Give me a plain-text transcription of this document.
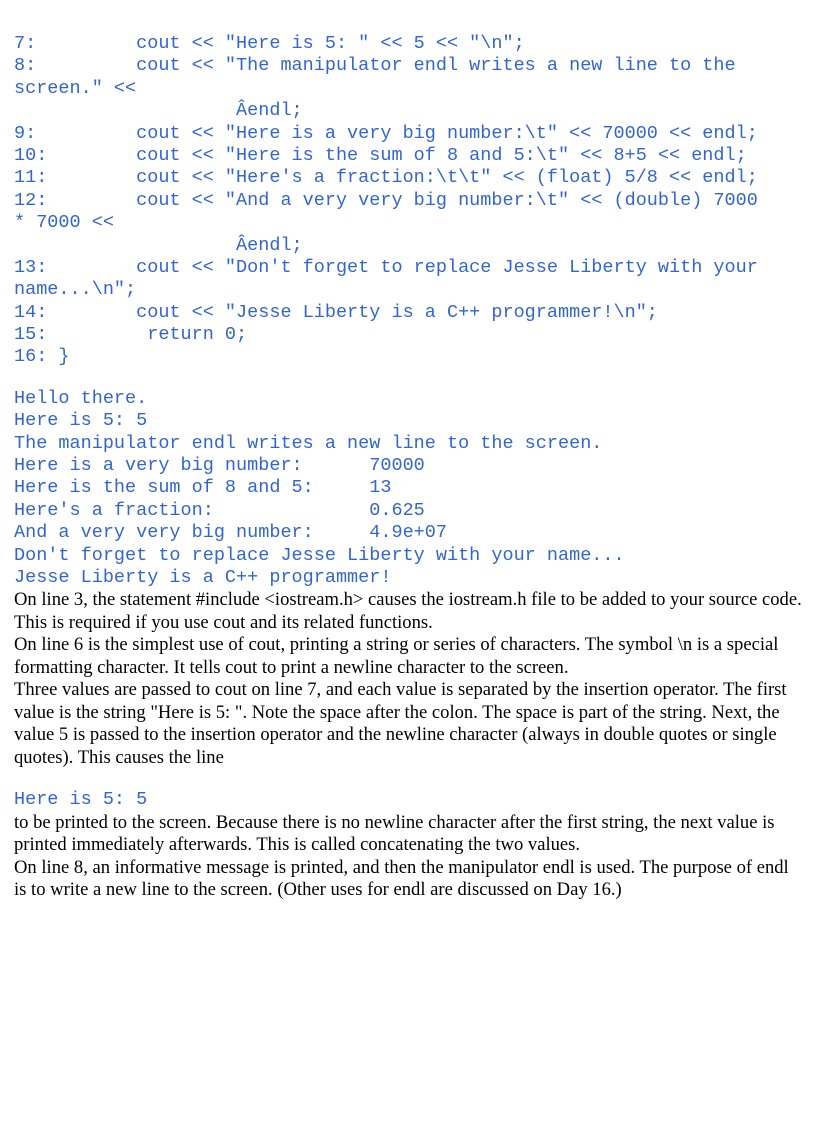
7:         cout << "Here is 5: " << 5 << "\n";
8:         cout << "The manipulator endl writes a new line to the
screen." <<
Âendl;
9:         cout << "Here is a very big number:\t" << 70000 << endl;
10:        cout << "Here is the sum of 8 and 5:\t" << 8+5 << endl;
11:        cout << "Here's a fraction:\t\t" << (float) 5/8 << endl;
12:        cout << "And a very very big number:\t" << (double) 7000
* 7000 <<
Âendl;
13:        cout << "Don't forget to replace Jesse Liberty with your
name...\n";
14:        cout << "Jesse Liberty is a C++ programmer!\n";
15:         return 0;
16: }
Hello there.
Here is 5: 5
The manipulator endl writes a new line to the screen.
Here is a very big number:      70000
Here is the sum of 8 and 5:     13
Here's a fraction:              0.625
And a very very big number:     4.9e+07
Don't forget to replace Jesse Liberty with your name...
Jesse Liberty is a C++ programmer!

On line 3, the statement #include <iostream.h> causes the iostream.h file to be added to your source code. This is required if you use cout and its related functions.

On line 6 is the simplest use of cout, printing a string or series of characters. The symbol \n is a special formatting character. It tells cout to print a newline character to the screen.

Three values are passed to cout on line 7, and each value is separated by the insertion operator. The first value is the string "Here is 5: ". Note the space after the colon. The space is part of the string. Next, the value 5 is passed to the insertion operator and the newline character (always in double quotes or single quotes). This causes the line

Here is 5: 5

to be printed to the screen. Because there is no newline character after the first string, the next value is printed immediately afterwards. This is called concatenating the two values.

On line 8, an informative message is printed, and then the manipulator endl is used. The purpose of endl is to write a new line to the screen. (Other uses for endl are discussed on Day 16.)
